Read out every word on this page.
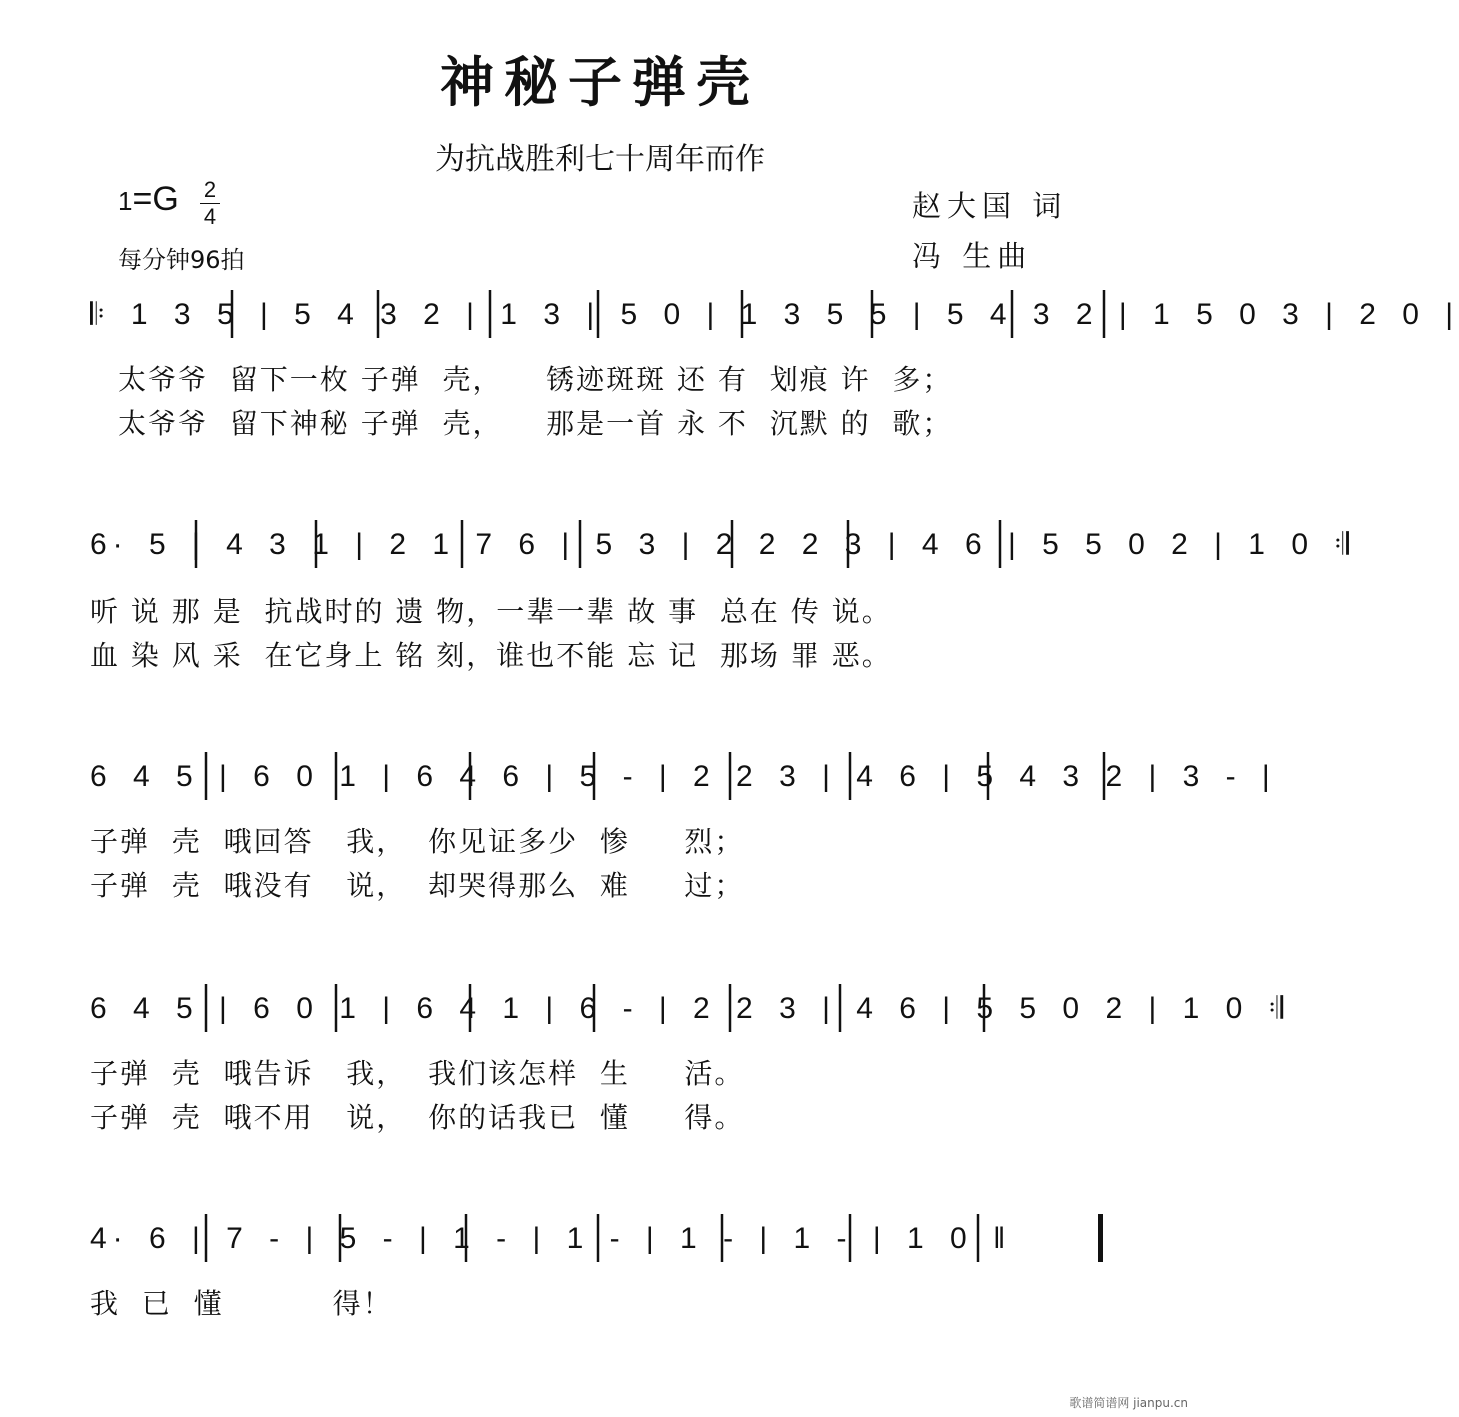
神秘子弹壳
为抗战胜利七十周年而作
1=G 2
4
每分钟96拍
赵大国 词
冯 生曲
𝄆 1 3 5 | 5 4 3 2 | 1 3 | 5 0 | 1 3 5 5 | 5 4 3 2 | 1 5 0 3 | 2 0 |
太爷爷  留下一枚 子弹  壳，    锈迹斑斑 还 有  划痕 许  多；
太爷爷  留下神秘 子弹  壳，    那是一首 永 不  沉默 的  歌；
6· 5 | 4 3 1 | 2 1 7 6 | 5 3 | 2 2 2 3 | 4 6 | 5 5 0 2 | 1 0 𝄇
听 说 那 是  抗战时的 遗 物，一辈一辈 故 事  总在 传 说。
血 染 风 采  在它身上 铭 刻，谁也不能 忘 记  那场 罪 恶。
6 4 5 | 6 0 1 | 6 4 6 | 5 - | 2 2 3 | 4 6 | 5 4 3 2 | 3 - |
子弹  壳  哦回答   我，  你见证多少  惨     烈；
子弹  壳  哦没有   说，  却哭得那么  难     过；
6 4 5 | 6 0 1 | 6 4 1 | 6 - | 2 2 3 | 4 6 | 5 5 0 2 | 1 0 𝄇
子弹  壳  哦告诉   我，  我们该怎样  生     活。
子弹  壳  哦不用   说，  你的话我已  懂     得。
4· 6 | 7 - | 5 - | 1 - | 1 - | 1 - | 1 - | 1 0 ‖
我  已  懂          得！
歌谱简谱网 jianpu.cn
